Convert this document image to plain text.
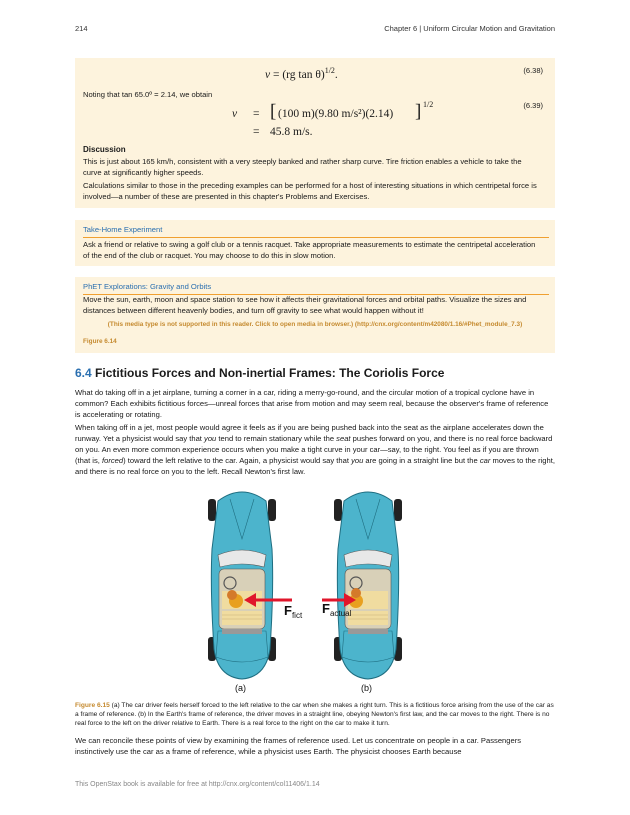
214	Chapter 6 | Uniform Circular Motion and Gravitation
v = (rg tan θ)$^{1/2}$.	(6.38)
Noting that tan 65.0º = 2.14, we obtain
v = [ (100 m)(9.80 m/s²)(2.14) ] 1/2	(6.39)
= 45.8 m/s.
Discussion
This is just about 165 km/h, consistent with a very steeply banked and rather sharp curve. Tire friction enables a vehicle to take the curve at significantly higher speeds.
Calculations similar to those in the preceding examples can be performed for a host of interesting situations in which centripetal force is involved—a number of these are presented in this chapter's Problems and Exercises.
Take-Home Experiment
Ask a friend or relative to swing a golf club or a tennis racquet. Take appropriate measurements to estimate the centripetal acceleration of the end of the club or racquet. You may choose to do this in slow motion.
PhET Explorations: Gravity and Orbits
Move the sun, earth, moon and space station to see how it affects their gravitational forces and orbital paths. Visualize the sizes and distances between different heavenly bodies, and turn off gravity to see what would happen without it!
(This media type is not supported in this reader. Click to open media in browser.) (http://cnx.org/content/m42080/1.16/#Phet_module_7.3)
Figure 6.14
6.4 Fictitious Forces and Non-inertial Frames: The Coriolis Force
What do taking off in a jet airplane, turning a corner in a car, riding a merry-go-round, and the circular motion of a tropical cyclone have in common? Each exhibits fictitious forces—unreal forces that arise from motion and may seem real, because the observer's frame of reference is accelerating or rotating.
When taking off in a jet, most people would agree it feels as if you are being pushed back into the seat as the airplane accelerates down the runway. Yet a physicist would say that you tend to remain stationary while the seat pushes forward on you, and there is no real force backward on you. An even more common experience occurs when you make a tight curve in your car—say, to the right. You feel as if you are thrown (that is, forced) toward the left relative to the car. Again, a physicist would say that you are going in a straight line but the car moves to the right, and there is no real force on you to the left. Recall Newton's first law.
$F_{fict}$ $F_{actual}$
(a)	(b)
Figure 6.15 (a) The car driver feels herself forced to the left relative to the car when she makes a right turn. This is a fictitious force arising from the use of the car as a frame of reference. (b) In the Earth's frame of reference, the driver moves in a straight line, obeying Newton's first law, and the car moves to the right. There is no real force to the left on the driver relative to Earth. There is a real force to the right on the car to make it turn.
We can reconcile these points of view by examining the frames of reference used. Let us concentrate on people in a car. Passengers instinctively use the car as a frame of reference, while a physicist uses Earth. The physicist chooses Earth because
This OpenStax book is available for free at http://cnx.org/content/col11406/1.14
